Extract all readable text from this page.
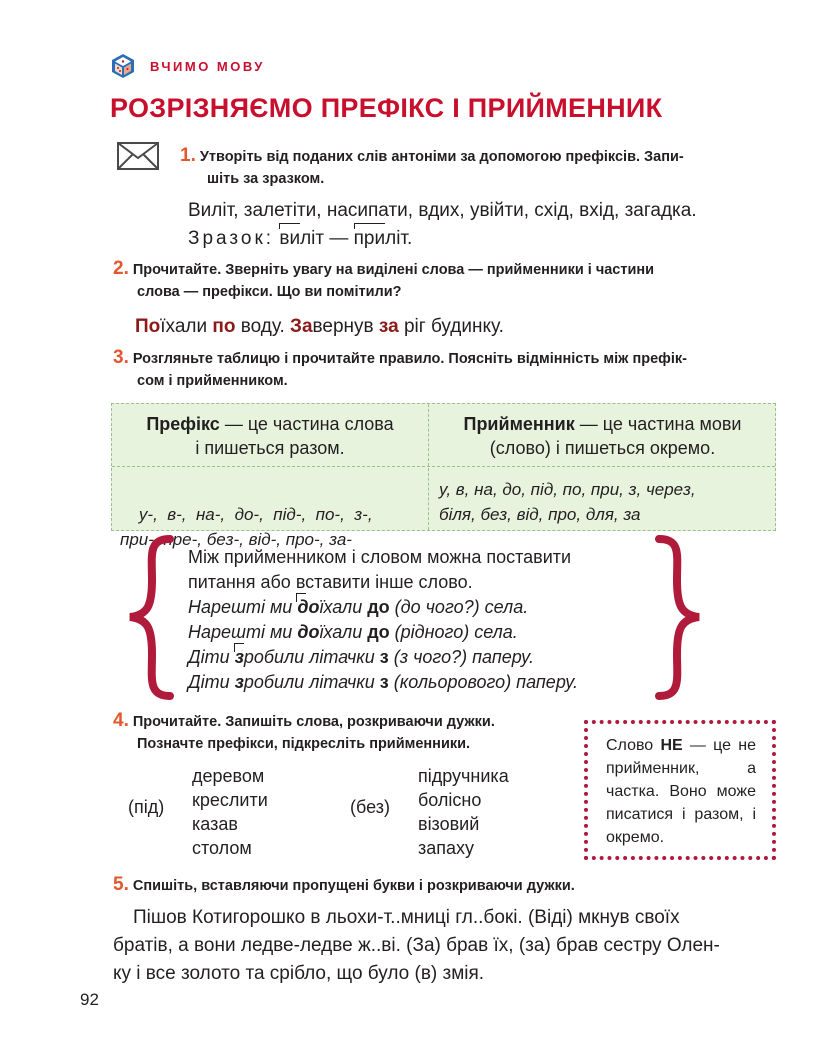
ВЧИМО МОВУ
РОЗРІЗНЯЄМО ПРЕФІКС І ПРИЙМЕННИК
1. Утворіть від поданих слів антоніми за допомогою префіксів. Запи-
шіть за зразком.
Виліт, залетіти, насипати, вдих, увійти, схід, вхід, загадка.
Зразок: виліт —
приліт.
2. Прочитайте. Зверніть увагу на виділені слова — прийменники і частини
слова — префікси. Що ви помітили?
Поїхали по воду. Завернув за ріг будинку.
3. Розгляньте таблицю і прочитайте правило. Поясніть відмінність між префік-
сом і прийменником.
Префікс — це частина слова
і пишеться разом.
Прийменник — це частина мови
(слово) і пишеться окремо.

у-,  в-,  на-,  до-,  під-,  по-,  з-,
при-, пре-, без-, від-, про-, за-

у, в, на, до, під, по, при, з, через,
біля, без, від, про, для, за
Між прийменником і словом можна поставити
питання або вставити інше слово.
Нарешті ми
доїхали до (до чого?) села.
Нарешті ми доїхали до (рідного) села.
Діти
зробили літачки з (з чого?) паперу.
Діти зробили літачки з (кольорового) паперу.
4. Прочитайте. Запишіть слова, розкриваючи дужки.
Позначте префікси, підкресліть прийменники.
(під)
деревом
креслити
казав
столом
(без)
підручника
болісно
візовий
запаху
Слово НЕ — це не прийменник, а частка. Воно може писатися і разом, і окремо.
5. Спишіть, вставляючи пропущені букви і розкриваючи дужки.
Пішов Котигорошко в льохи-т..мниці гл..бокі. (Віді) мкнув своїх
братів, а вони ледве-ледве ж..ві. (За) брав їх, (за) брав сестру Олен-
ку і все золото та срібло, що було (в) змія.
92
